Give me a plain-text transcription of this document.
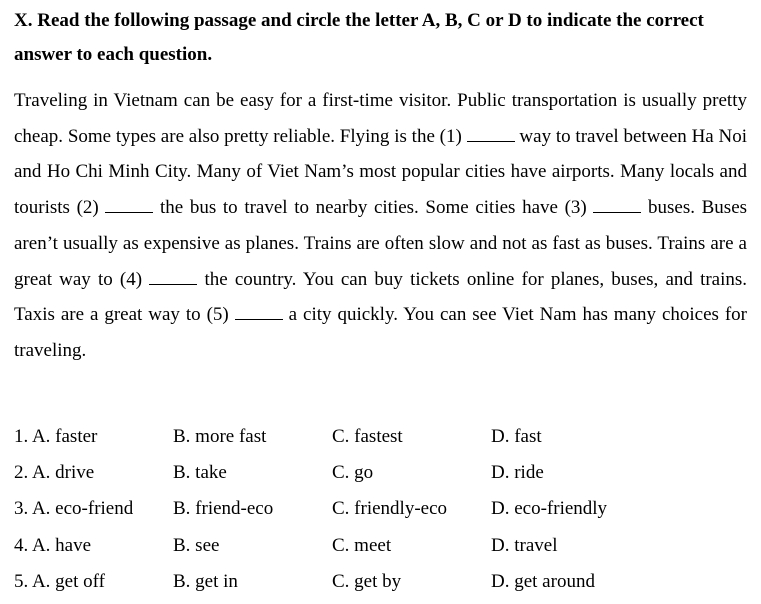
X. Read the following passage and circle the letter A, B, C or D to indicate the correct answer to each question.

Traveling in Vietnam can be easy for a first-time visitor. Public transportation is usually pretty cheap. Some types are also pretty reliable. Flying is the (1)	way to travel between Ha Noi and Ho Chi Minh City. Many of Viet Nam’s most popular cities have airports. Many locals and tourists (2)	the bus to travel to nearby cities. Some cities have (3)	buses. Buses aren’t usually as expensive as planes. Trains are often slow and not as fast as buses. Trains are a great way to (4)	the country. You can buy tickets online for planes, buses, and trains. Taxis are a great way to (5)	a city quickly. You can see Viet Nam has many choices for traveling.

1. A. faster	B. more fast	C. fastest	D. fast
2. A. drive	B. take	C. go	D. ride
3. A. eco-friend	B. friend-eco	C. friendly-eco	D. eco-friendly
4. A. have	B. see	C. meet	D. travel
5. A. get off	B. get in	C. get by	D. get around
